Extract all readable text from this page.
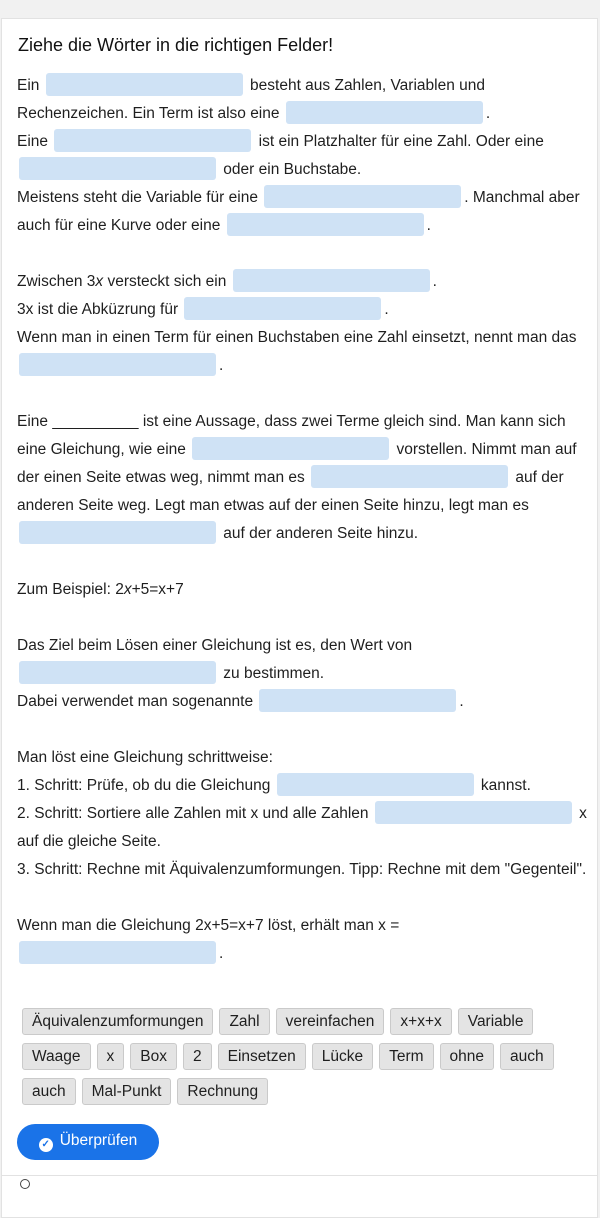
Ziehe die Wörter in die richtigen Felder!
Ein	besteht aus Zahlen, Variablen und Rechenzeichen. Ein Term ist also eine	.
Eine	ist ein Platzhalter für eine Zahl. Oder eine  oder ein Buchstabe.
Meistens steht die Variable für eine	. Manchmal aber auch für eine Kurve oder eine	.

Zwischen 3x versteckt sich ein	.
3x ist die Abküzrung für	.
Wenn man in einen Term für einen Buchstaben eine Zahl einsetzt, nennt man das .

Eine __________ ist eine Aussage, dass zwei Terme gleich sind. Man kann sich eine Gleichung, wie eine	vorstellen. Nimmt man auf der einen Seite etwas weg, nimmt man es	auf der anderen Seite weg. Legt man etwas auf der einen Seite hinzu, legt man es  auf der anderen Seite hinzu.

Zum Beispiel: 2x+5=x+7

Das Ziel beim Lösen einer Gleichung ist es, den Wert von  zu bestimmen.
Dabei verwendet man sogenannte	.

Man löst eine Gleichung schrittweise:
1. Schritt: Prüfe, ob du die Gleichung	kannst.
2. Schritt: Sortiere alle Zahlen mit x und alle Zahlen	x auf die gleiche Seite.
3. Schritt: Rechne mit Äquivalenzumformungen. Tipp: Rechne mit dem "Gegenteil".

Wenn man die Gleichung 2x+5=x+7 löst, erhält man x = .
Äquivalenzumformungen Zahl vereinfachen x+x+x VariableWaage x Box 2 Einsetzen Lücke Term ohne auchauch Mal-Punkt Rechnung
✓ Überprüfen
